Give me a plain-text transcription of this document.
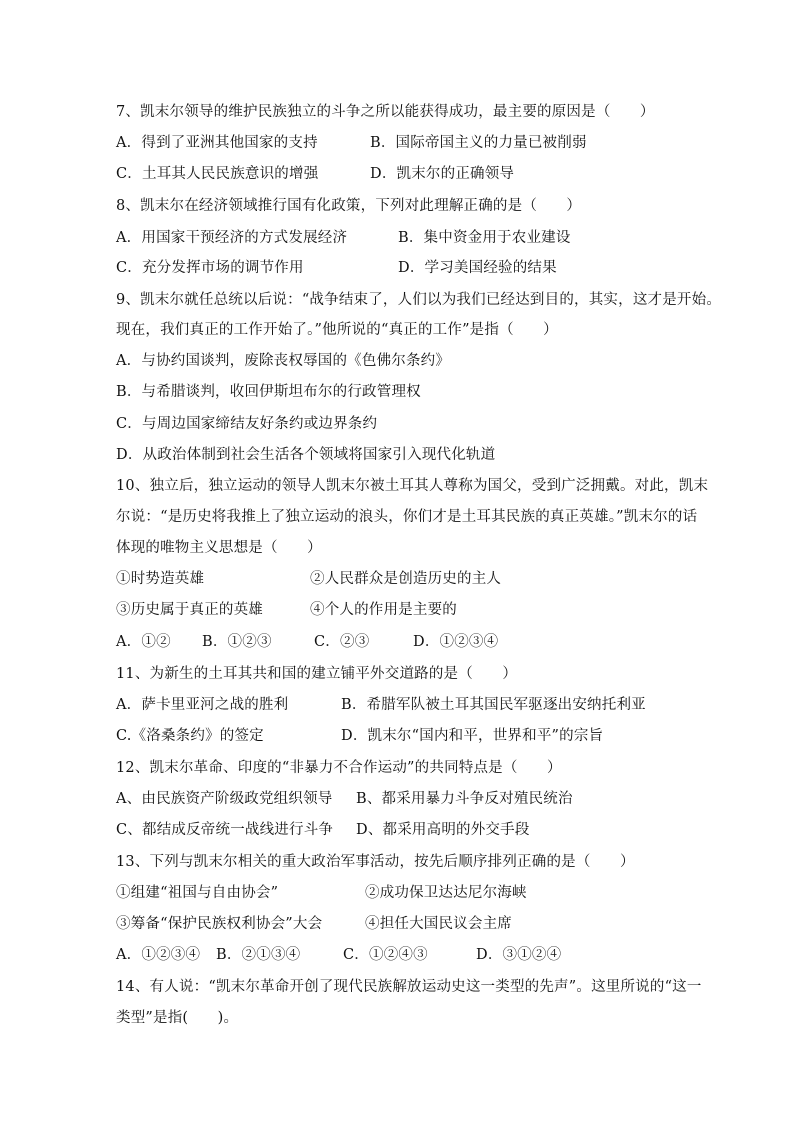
7、凯末尔领导的维护民族独立的斗争之所以能获得成功，最主要的原因是（　　）
A．得到了亚洲其他国家的支持	B．国际帝国主义的力量已被削弱
C．土耳其人民民族意识的增强	D．凯末尔的正确领导
8、凯末尔在经济领域推行国有化政策，下列对此理解正确的是（　　）
A．用国家干预经济的方式发展经济	B．集中资金用于农业建设
C．充分发挥市场的调节作用	D．学习美国经验的结果
9、凯末尔就任总统以后说：“战争结束了，人们以为我们已经达到目的，其实，这才是开始。
现在，我们真正的工作开始了。”他所说的“真正的工作”是指（　　）
A．与协约国谈判，废除丧权辱国的《色佛尔条约》
B．与希腊谈判，收回伊斯坦布尔的行政管理权
C．与周边国家缔结友好条约或边界条约
D．从政治体制到社会生活各个领域将国家引入现代化轨道
10、独立后，独立运动的领导人凯末尔被土耳其人尊称为国父，受到广泛拥戴。对此，凯末
尔说：“是历史将我推上了独立运动的浪头，你们才是土耳其民族的真正英雄。”凯末尔的话
体现的唯物主义思想是（　　）
①时势造英雄	②人民群众是创造历史的主人
③历史属于真正的英雄	④个人的作用是主要的
A．①② B．①②③	C．②③	D．①②③④
11、为新生的土耳其共和国的建立铺平外交道路的是（　　）
A．萨卡里亚河之战的胜利	B．希腊军队被土耳其国民军驱逐出安纳托利亚
C.《洛桑条约》的签定	D．凯末尔“国内和平，世界和平”的宗旨
12、凯末尔革命、印度的“非暴力不合作运动”的共同特点是（　　）
A、由民族资产阶级政党组织领导 B、都采用暴力斗争反对殖民统治
C、都结成反帝统一战线进行斗争 D、都采用高明的外交手段
13、下列与凯末尔相关的重大政治军事活动，按先后顺序排列正确的是（　　）
①组建“祖国与自由协会”	②成功保卫达达尼尔海峡
③筹备“保护民族权利协会”大会	④担任大国民议会主席
A．①②③④ B．②①③④	C．①②④③	D．③①②④
14、有人说：“凯末尔革命开创了现代民族解放运动史这一类型的先声”。这里所说的“这一
类型”是指(　　)。
